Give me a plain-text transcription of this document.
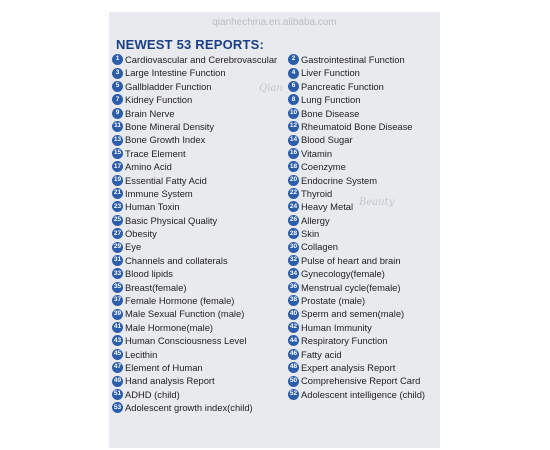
qianhechina.en.alibaba.com
NEWEST 53 REPORTS:
1 Cardiovascular and Cerebrovascular	2 Gastrointestinal Function
3 Large Intestine Function	4 Liver Function
5 Gallbladder Function	6 Pancreatic Function
7 Kidney Function	8 Lung Function
9 Brain Nerve	10 Bone Disease
11 Bone Mineral Density	12 Rheumatoid Bone Disease
13 Bone Growth Index	14 Blood Sugar
15 Trace Element	16 Vitamin
17 Amino Acid	18 Coenzyme
19 Essential Fatty Acid	20 Endocrine System
21 Immune System	22 Thyroid
23 Human Toxin	24 Heavy Metal
25 Basic Physical Quality	26 Allergy
27 Obesity	28 Skin
29 Eye	30 Collagen
31 Channels and collaterals	32 Pulse of heart and brain
33 Blood lipids	34 Gynecology(female)
35 Breast(female)	36 Menstrual cycle(female)
37 Female Hormone (female)	38 Prostate (male)
39 Male Sexual Function (male)	40 Sperm and semen(male)
41 Male Hormone(male)	42 Human Immunity
43 Human Consciousness Level	44 Respiratory Function
45 Lecithin	46 Fatty acid
47 Element of Human	48 Expert analysis Report
49 Hand analysis Report	50 Comprehensive Report Card
51 ADHD (child)	52 Adolescent intelligence (child)
53 Adolescent growth index(child)
Qian
Beauty
